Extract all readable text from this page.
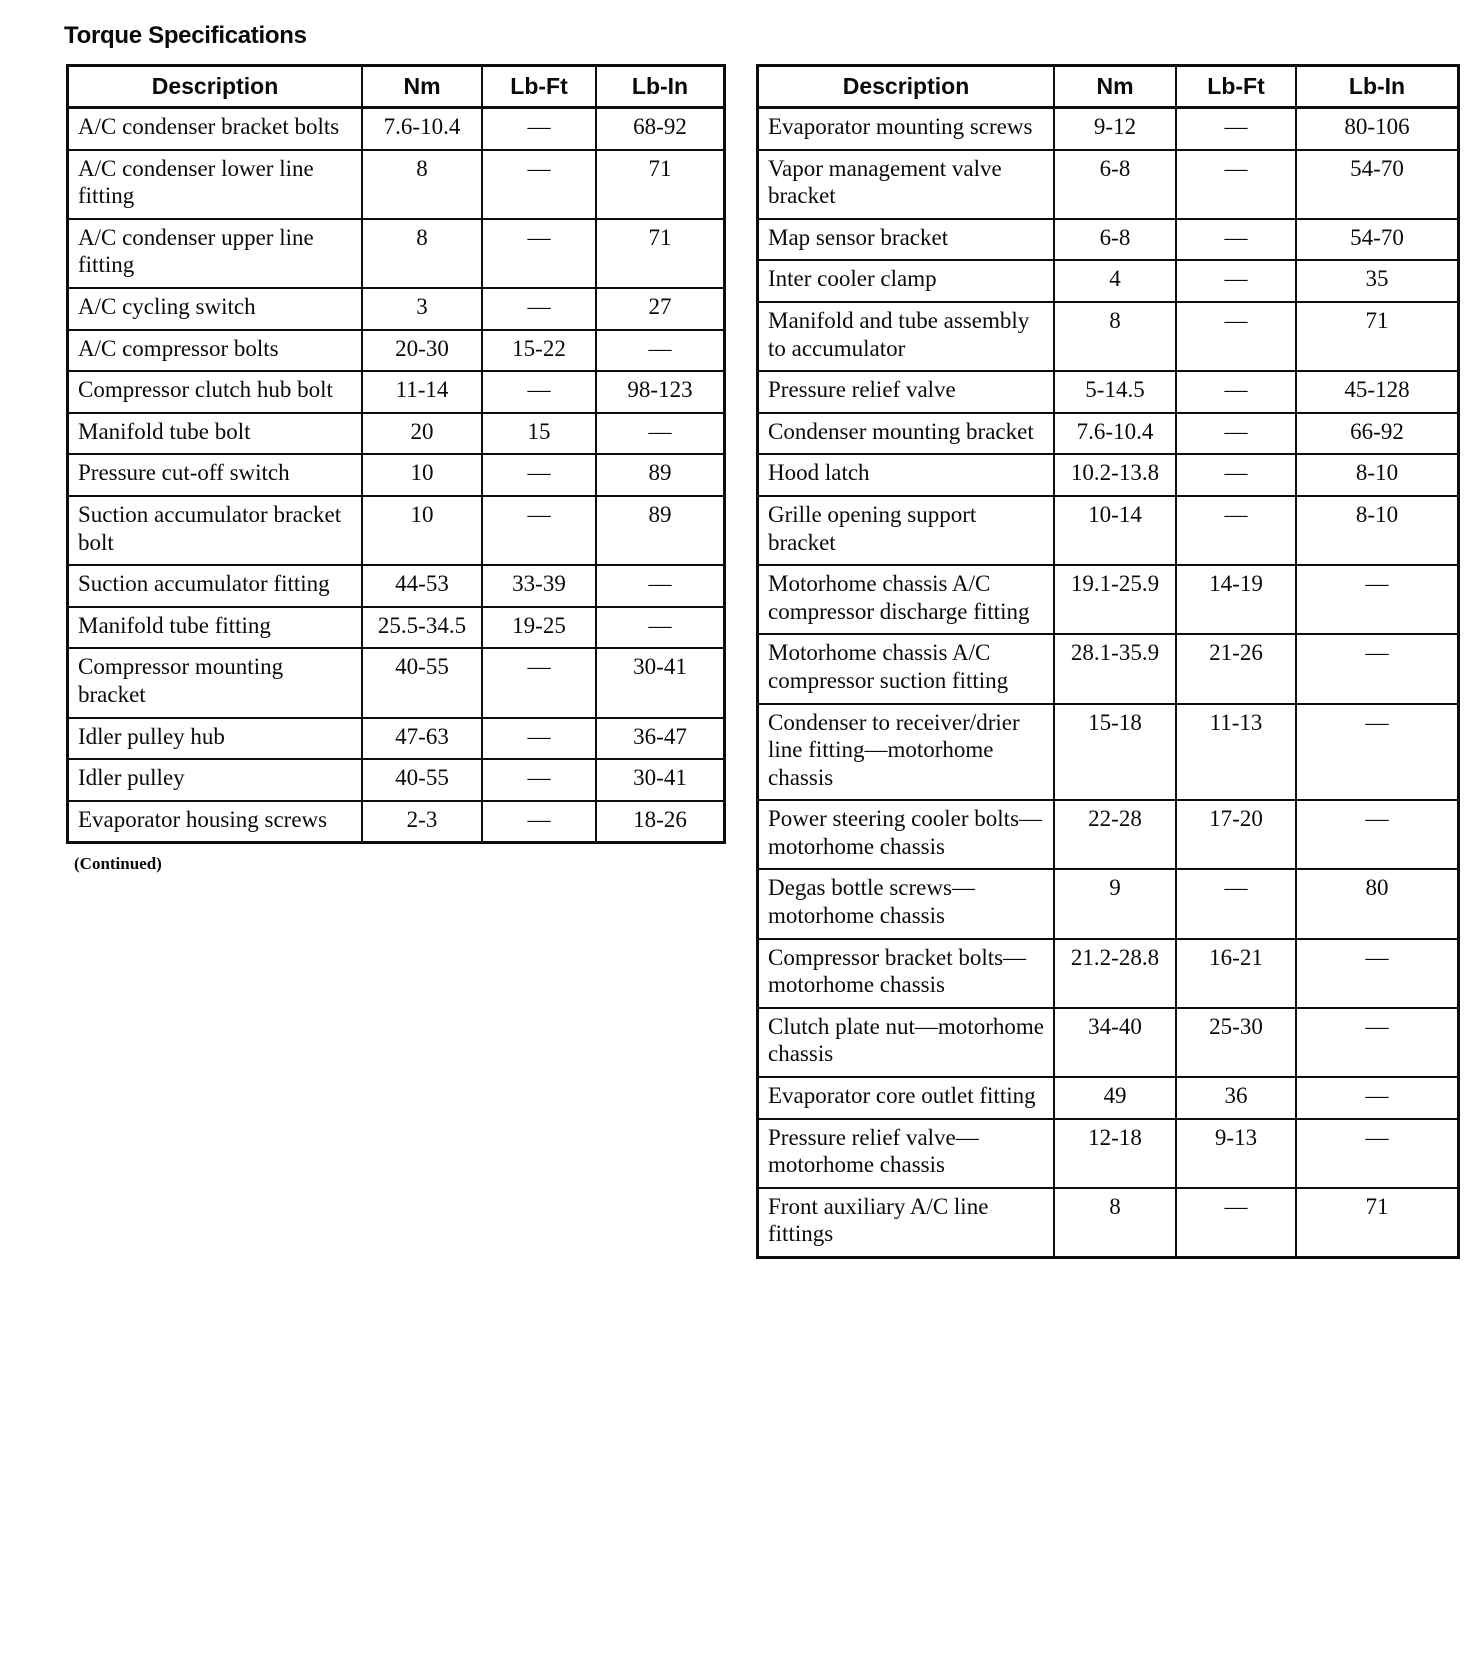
Torque Specifications
Description	Nm	Lb-Ft	Lb-In
A/C condenser bracket bolts	7.6-10.4	—	68-92
A/C condenser lower line fitting	8	—	71
A/C condenser upper line fitting	8	—	71
A/C cycling switch	3	—	27
A/C compressor bolts	20-30	15-22	—
Compressor clutch hub bolt	11-14	—	98-123
Manifold tube bolt	20	15	—
Pressure cut-off switch	10	—	89
Suction accumulator bracket bolt	10	—	89
Suction accumulator fitting	44-53	33-39	—
Manifold tube fitting	25.5-34.5	19-25	—
Compressor mounting bracket	40-55	—	30-41
Idler pulley hub	47-63	—	36-47
Idler pulley	40-55	—	30-41
Evaporator housing screws	2-3	—	18-26
(Continued)
Description	Nm	Lb-Ft	Lb-In
Evaporator mounting screws	9-12	—	80-106
Vapor management valve bracket	6-8	—	54-70
Map sensor bracket	6-8	—	54-70
Inter cooler clamp	4	—	35
Manifold and tube assembly to accumulator	8	—	71
Pressure relief valve	5-14.5	—	45-128
Condenser mounting bracket	7.6-10.4	—	66-92
Hood latch	10.2-13.8	—	8-10
Grille opening support bracket	10-14	—	8-10
Motorhome chassis A/C compressor discharge fitting	19.1-25.9	14-19	—
Motorhome chassis A/C compressor suction fitting	28.1-35.9	21-26	—
Condenser to receiver/drier line fitting—motorhome chassis	15-18	11-13	—
Power steering cooler bolts—motorhome chassis	22-28	17-20	—
Degas bottle screws—motorhome chassis	9	—	80
Compressor bracket bolts—motorhome chassis	21.2-28.8	16-21	—
Clutch plate nut—motorhome chassis	34-40	25-30	—
Evaporator core outlet fitting	49	36	—
Pressure relief valve—motorhome chassis	12-18	9-13	—
Front auxiliary A/C line fittings	8	—	71
